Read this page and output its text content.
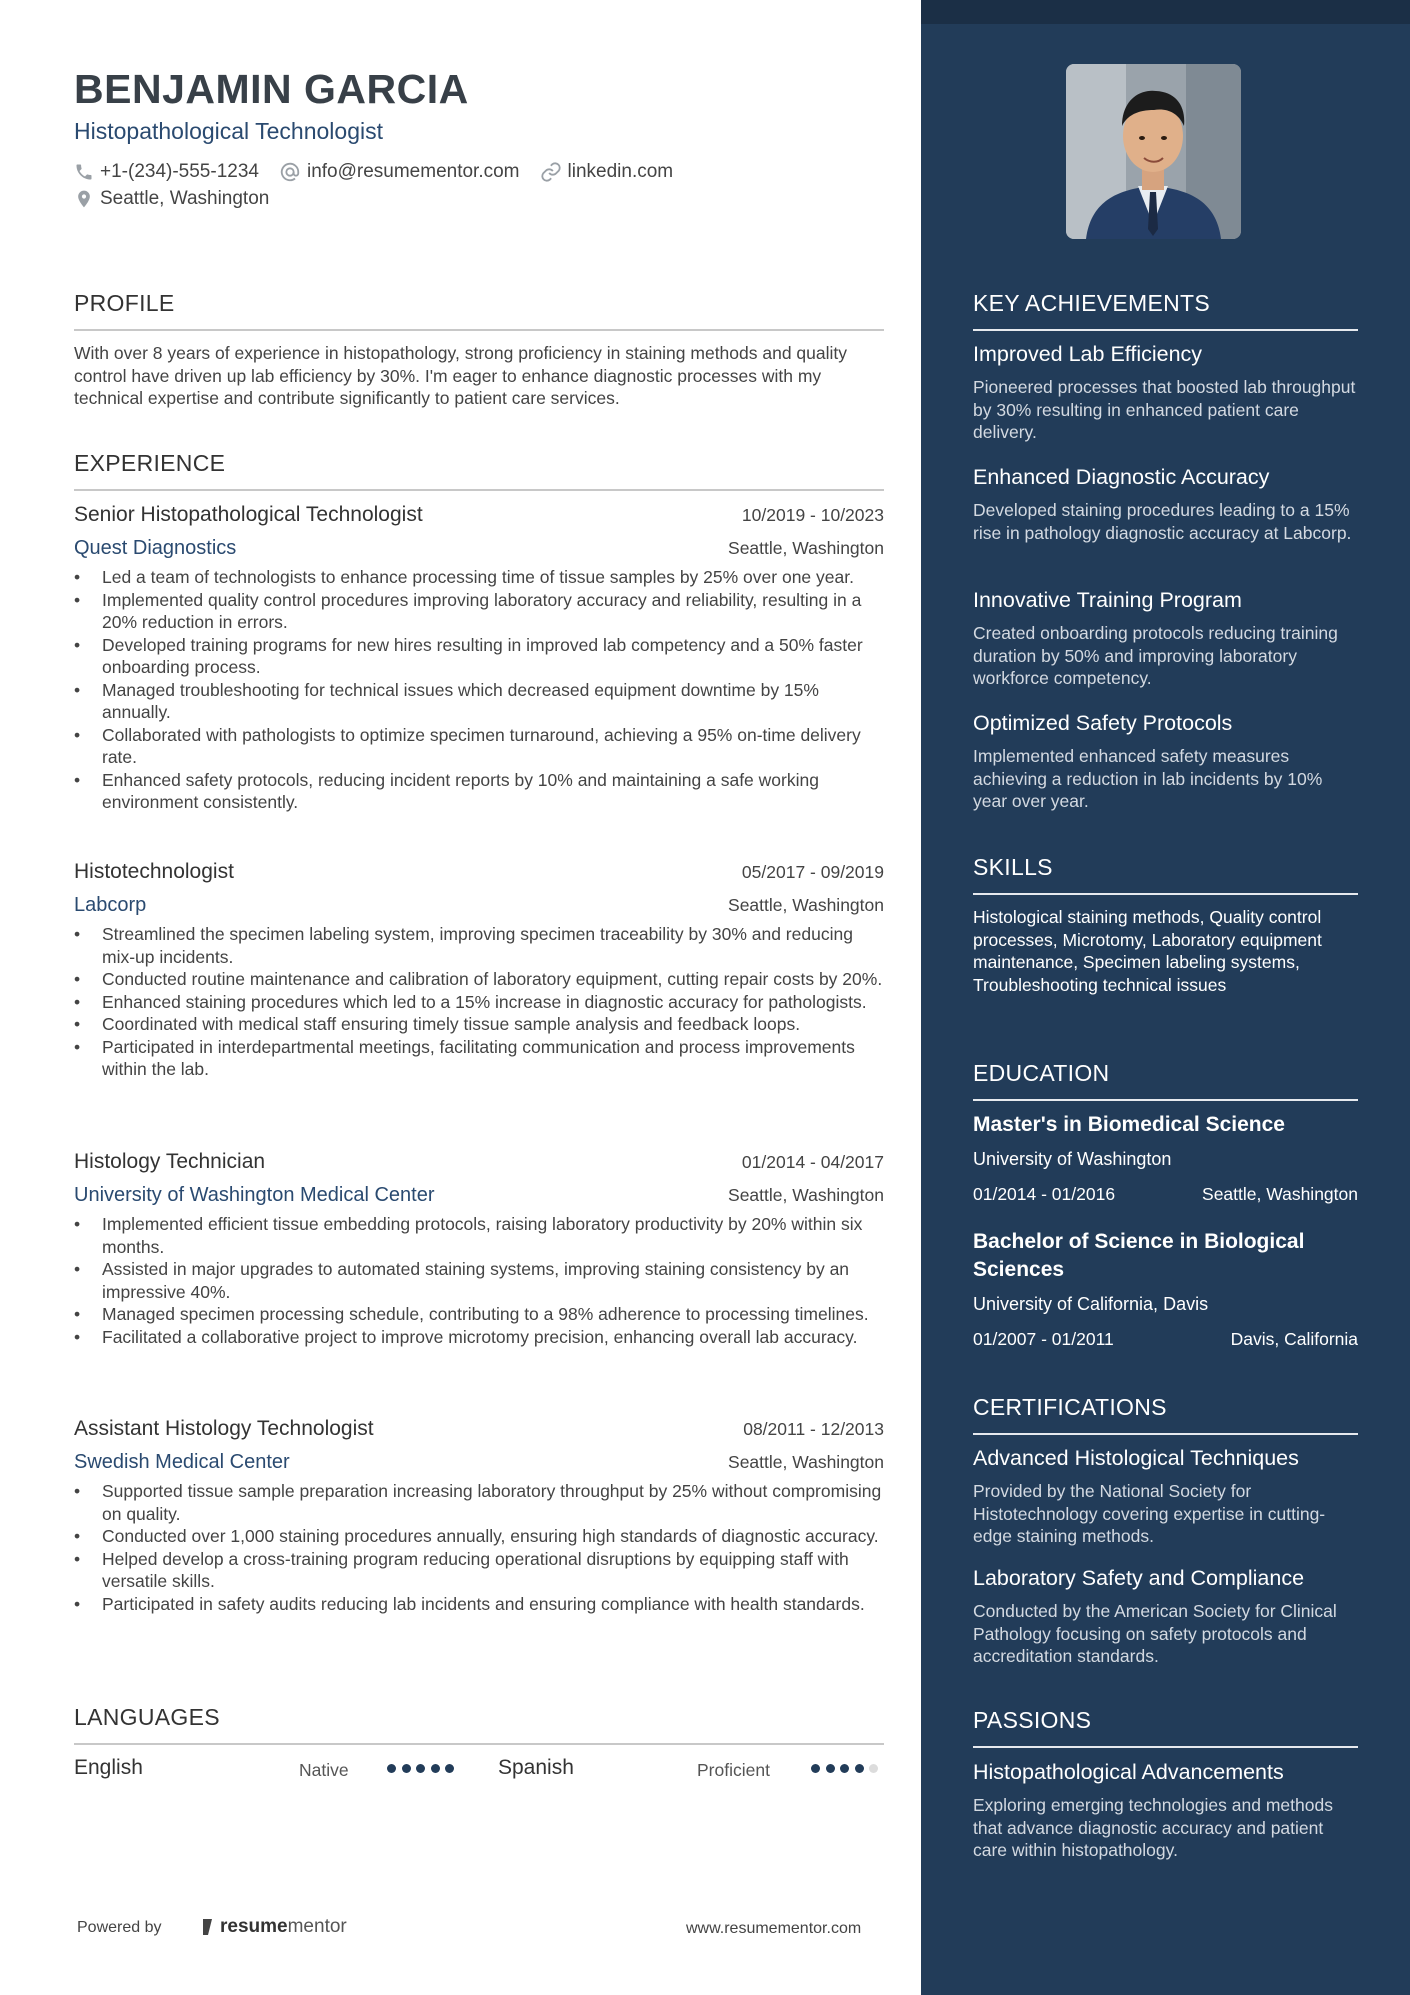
BENJAMIN GARCIA
Histopathological Technologist
+1-(234)-555-1234	info@resumementor.com	linkedin.com
Seattle, Washington
PROFILE
With over 8 years of experience in histopathology, strong proficiency in staining methods and quality control have driven up lab efficiency by 30%. I'm eager to enhance diagnostic processes with my technical expertise and contribute significantly to patient care services.
EXPERIENCE
Senior Histopathological Technologist	10/2019 - 10/2023
Quest Diagnostics	Seattle, Washington
• Led a team of technologists to enhance processing time of tissue samples by 25% over one year.
• Implemented quality control procedures improving laboratory accuracy and reliability, resulting in a 20% reduction in errors.
• Developed training programs for new hires resulting in improved lab competency and a 50% faster onboarding process.
• Managed troubleshooting for technical issues which decreased equipment downtime by 15% annually.
• Collaborated with pathologists to optimize specimen turnaround, achieving a 95% on-time delivery rate.
• Enhanced safety protocols, reducing incident reports by 10% and maintaining a safe working environment consistently.
Histotechnologist	05/2017 - 09/2019
Labcorp	Seattle, Washington
• Streamlined the specimen labeling system, improving specimen traceability by 30% and reducing mix-up incidents.
• Conducted routine maintenance and calibration of laboratory equipment, cutting repair costs by 20%.
• Enhanced staining procedures which led to a 15% increase in diagnostic accuracy for pathologists.
• Coordinated with medical staff ensuring timely tissue sample analysis and feedback loops.
• Participated in interdepartmental meetings, facilitating communication and process improvements within the lab.
Histology Technician	01/2014 - 04/2017
University of Washington Medical Center	Seattle, Washington
• Implemented efficient tissue embedding protocols, raising laboratory productivity by 20% within six months.
• Assisted in major upgrades to automated staining systems, improving staining consistency by an impressive 40%.
• Managed specimen processing schedule, contributing to a 98% adherence to processing timelines.
• Facilitated a collaborative project to improve microtomy precision, enhancing overall lab accuracy.
Assistant Histology Technologist	08/2011 - 12/2013
Swedish Medical Center	Seattle, Washington
• Supported tissue sample preparation increasing laboratory throughput by 25% without compromising on quality.
• Conducted over 1,000 staining procedures annually, ensuring high standards of diagnostic accuracy.
• Helped develop a cross-training program reducing operational disruptions by equipping staff with versatile skills.
• Participated in safety audits reducing lab incidents and ensuring compliance with health standards.
LANGUAGES
English	Native	Spanish	Proficient
Powered by	resume mentor	www.resumementor.com
KEY ACHIEVEMENTS
Improved Lab Efficiency
Pioneered processes that boosted lab throughput by 30% resulting in enhanced patient care delivery.
Enhanced Diagnostic Accuracy
Developed staining procedures leading to a 15% rise in pathology diagnostic accuracy at Labcorp.
Innovative Training Program
Created onboarding protocols reducing training duration by 50% and improving laboratory workforce competency.
Optimized Safety Protocols
Implemented enhanced safety measures achieving a reduction in lab incidents by 10% year over year.
SKILLS
Histological staining methods, Quality control processes, Microtomy, Laboratory equipment maintenance, Specimen labeling systems, Troubleshooting technical issues
EDUCATION
Master's in Biomedical Science
University of Washington
01/2014 - 01/2016	Seattle, Washington
Bachelor of Science in Biological Sciences
University of California, Davis
01/2007 - 01/2011	Davis, California
CERTIFICATIONS
Advanced Histological Techniques
Provided by the National Society for Histotechnology covering expertise in cutting-edge staining methods.
Laboratory Safety and Compliance
Conducted by the American Society for Clinical Pathology focusing on safety protocols and accreditation standards.
PASSIONS
Histopathological Advancements
Exploring emerging technologies and methods that advance diagnostic accuracy and patient care within histopathology.
